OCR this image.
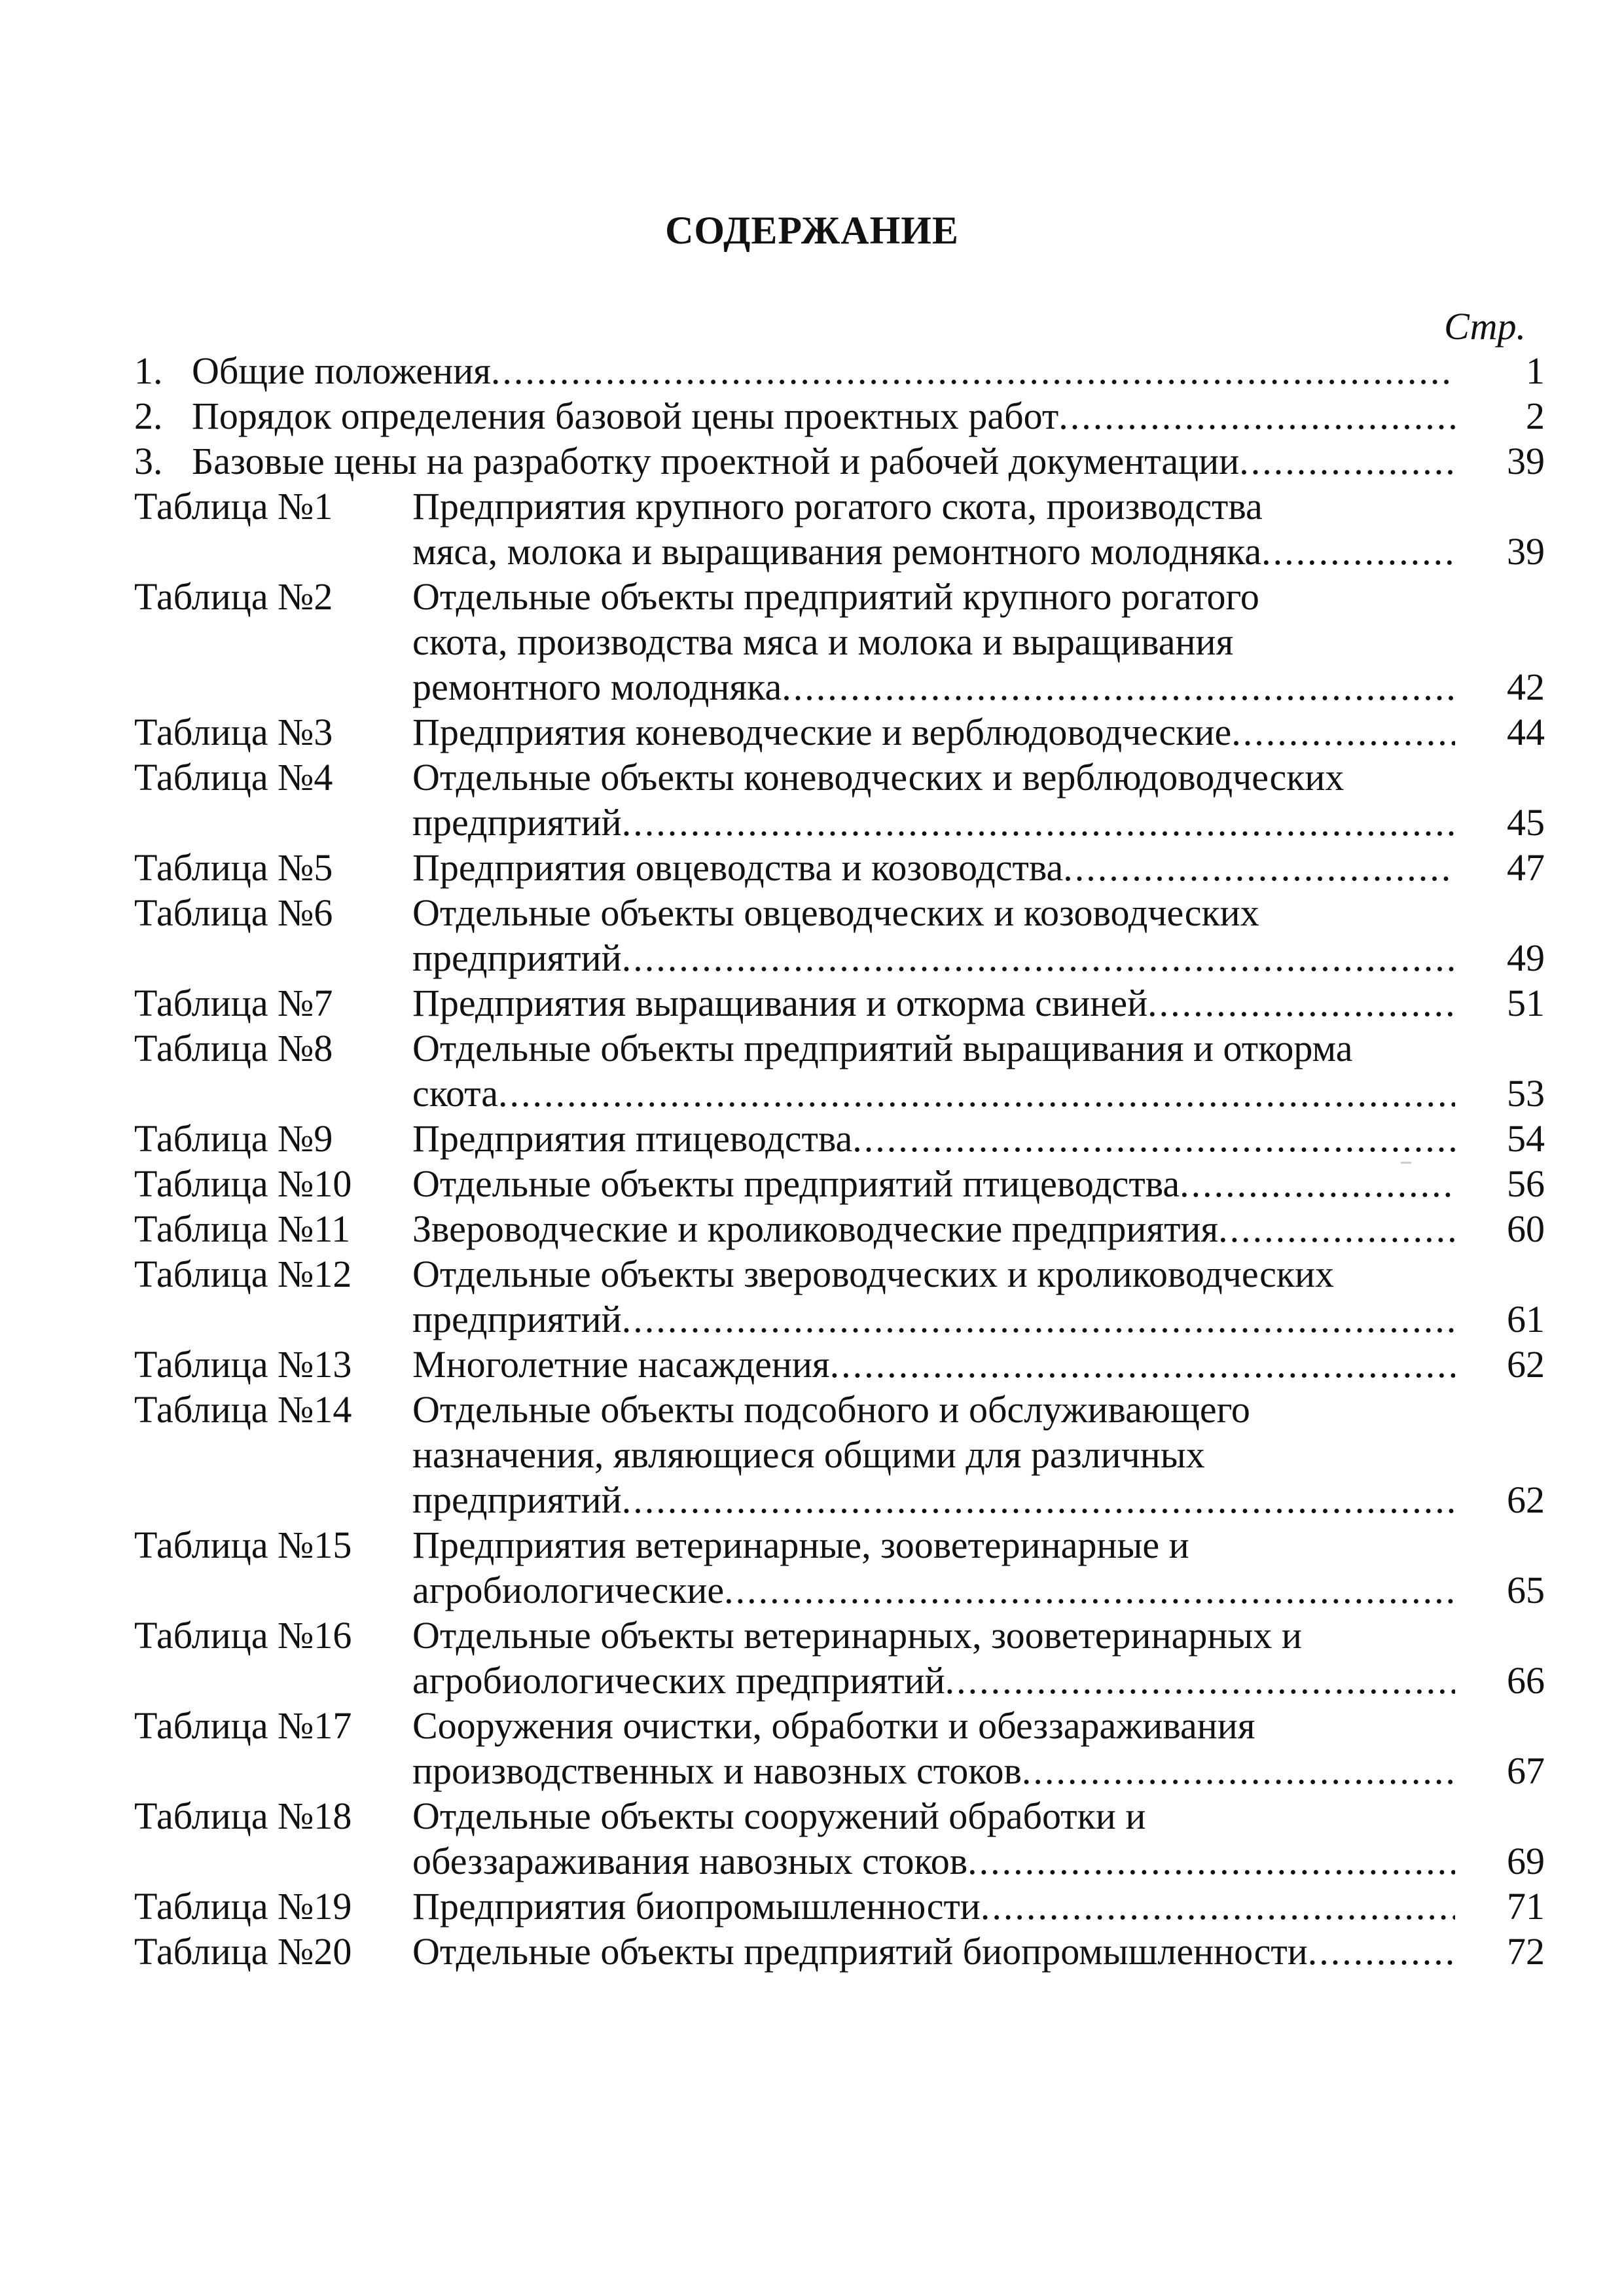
СОДЕРЖАНИЕ
Стр.
1. Общие положения .....	1
2. Порядок определения базовой цены проектных работ .....	2
3. Базовые цены на разработку проектной и рабочей документации .....	39
Таблица №1	Предприятия крупного рогатого скота, производства
мяса, молока и выращивания ремонтного молодняка .....	39
Таблица №2	Отдельные объекты предприятий крупного рогатого
скота, производства мяса и молока и выращивания
ремонтного молодняка .....	42
Таблица №3	Предприятия коневодческие и верблюдоводческие .....	44
Таблица №4	Отдельные объекты коневодческих и верблюдоводческих
предприятий .....	45
Таблица №5	Предприятия овцеводства и козоводства .....	47
Таблица №6	Отдельные объекты овцеводческих и козоводческих
предприятий .....	49
Таблица №7	Предприятия выращивания и откорма свиней .....	51
Таблица №8	Отдельные объекты предприятий выращивания и откорма
скота .....	53
Таблица №9	Предприятия птицеводства .....	54
Таблица №10	Отдельные объекты предприятий птицеводства .....	56
Таблица №11	Звероводческие и кролиководческие предприятия .....	60
Таблица №12	Отдельные объекты звероводческих и кролиководческих
предприятий .....	61
Таблица №13	Многолетние насаждения .....	62
Таблица №14	Отдельные объекты подсобного и обслуживающего
назначения, являющиеся общими для различных
предприятий .....	62
Таблица №15	Предприятия ветеринарные, зооветеринарные и
агробиологические .....	65
Таблица №16	Отдельные объекты ветеринарных, зооветеринарных и
агробиологических предприятий .....	66
Таблица №17	Сооружения очистки, обработки и обеззараживания
производственных и навозных стоков .....	67
Таблица №18	Отдельные объекты сооружений обработки и
обеззараживания навозных стоков .....	69
Таблица №19	Предприятия биопромышленности .....	71
Таблица №20	Отдельные объекты предприятий биопромышленности .....	72
